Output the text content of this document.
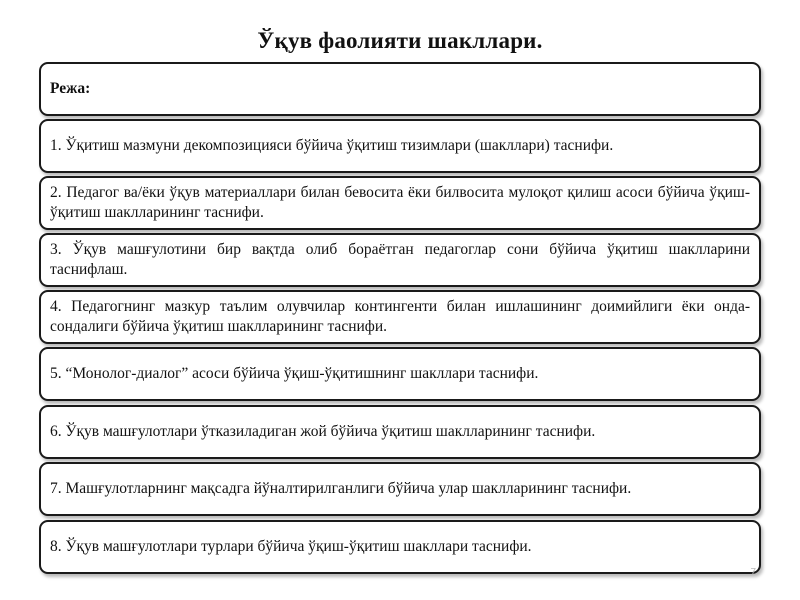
Ўқув фаолияти шакллари.
Режа:
1. Ўқитиш мазмуни декомпозицияси бўйича ўқитиш тизимлари (шакллари) таснифи.
2. Педагог ва/ёки ўқув материаллари билан бевосита ёки билвосита мулоқот қилиш асоси бўйича ўқиш-ўқитиш шаклларининг таснифи.
3. Ўқув машғулотини бир вақтда олиб бораётган педагоглар сони бўйича ўқитиш шаклларини таснифлаш.
4. Педагогнинг мазкур таълим олувчилар контингенти билан ишлашининг доимийлиги ёки онда-сондалиги бўйича ўқитиш шаклларининг таснифи.
5. “Монолог-диалог” асоси бўйича ўқиш-ўқитишнинг шакллари таснифи.
6. Ўқув машғулотлари ўтказиладиган жой бўйича ўқитиш шаклларининг таснифи.
7. Машғулотларнинг мақсадга йўналтирилганлиги бўйича улар шаклларининг таснифи.
8. Ўқув машғулотлари турлари бўйича ўқиш-ўқитиш шакллари таснифи.
7
